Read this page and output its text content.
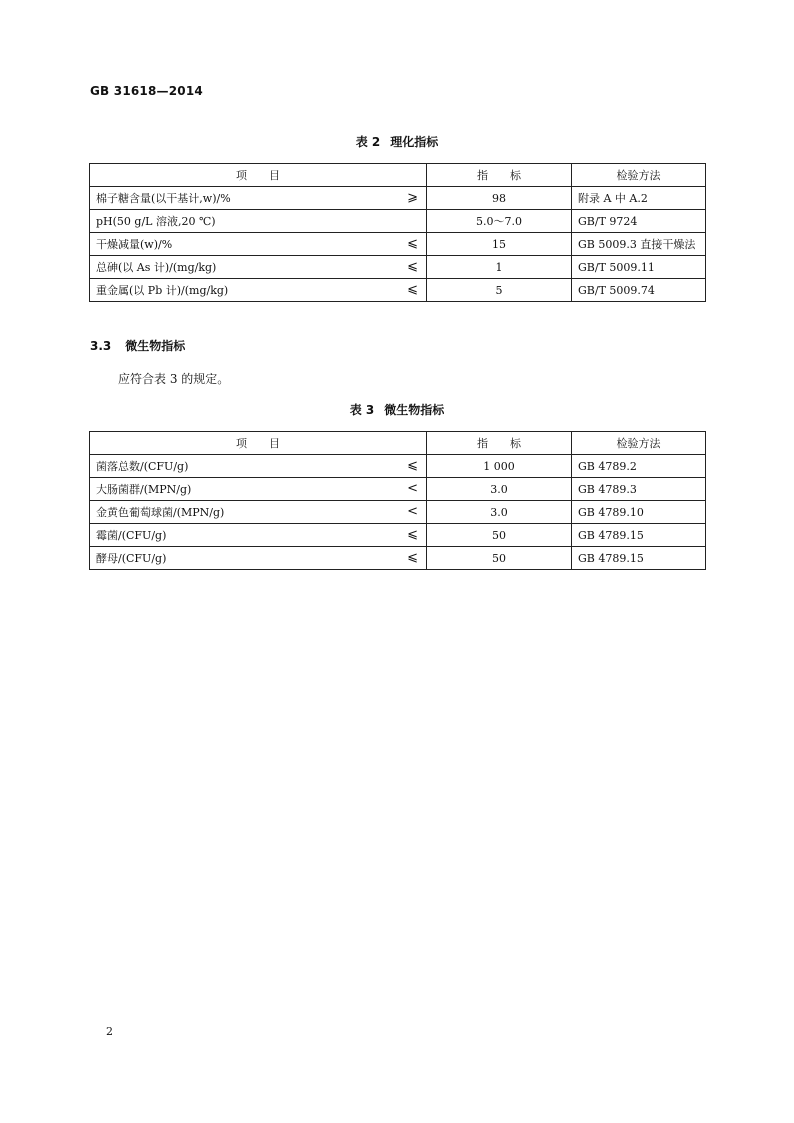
GB 31618—2014
表 2 理化指标
项　　目	指　　标	检验方法
棉子糖含量(以干基计,w)/% ⩾	98	附录 A 中 A.2
pH(50 g/L 溶液,20 ℃)	5.0～7.0	GB/T 9724
干燥减量(w)/% ⩽	15	GB 5009.3 直接干燥法
总砷(以 As 计)/(mg/kg) ⩽	1	GB/T 5009.11
重金属(以 Pb 计)/(mg/kg) ⩽	5	GB/T 5009.74
3.3 微生物指标
应符合表 3 的规定。
表 3 微生物指标
项　　目	指　　标	检验方法
菌落总数/(CFU/g) ⩽	1 000	GB 4789.2
大肠菌群/(MPN/g) <	3.0	GB 4789.3
金黄色葡萄球菌/(MPN/g) <	3.0	GB 4789.10
霉菌/(CFU/g) ⩽	50	GB 4789.15
酵母/(CFU/g) ⩽	50	GB 4789.15
2
